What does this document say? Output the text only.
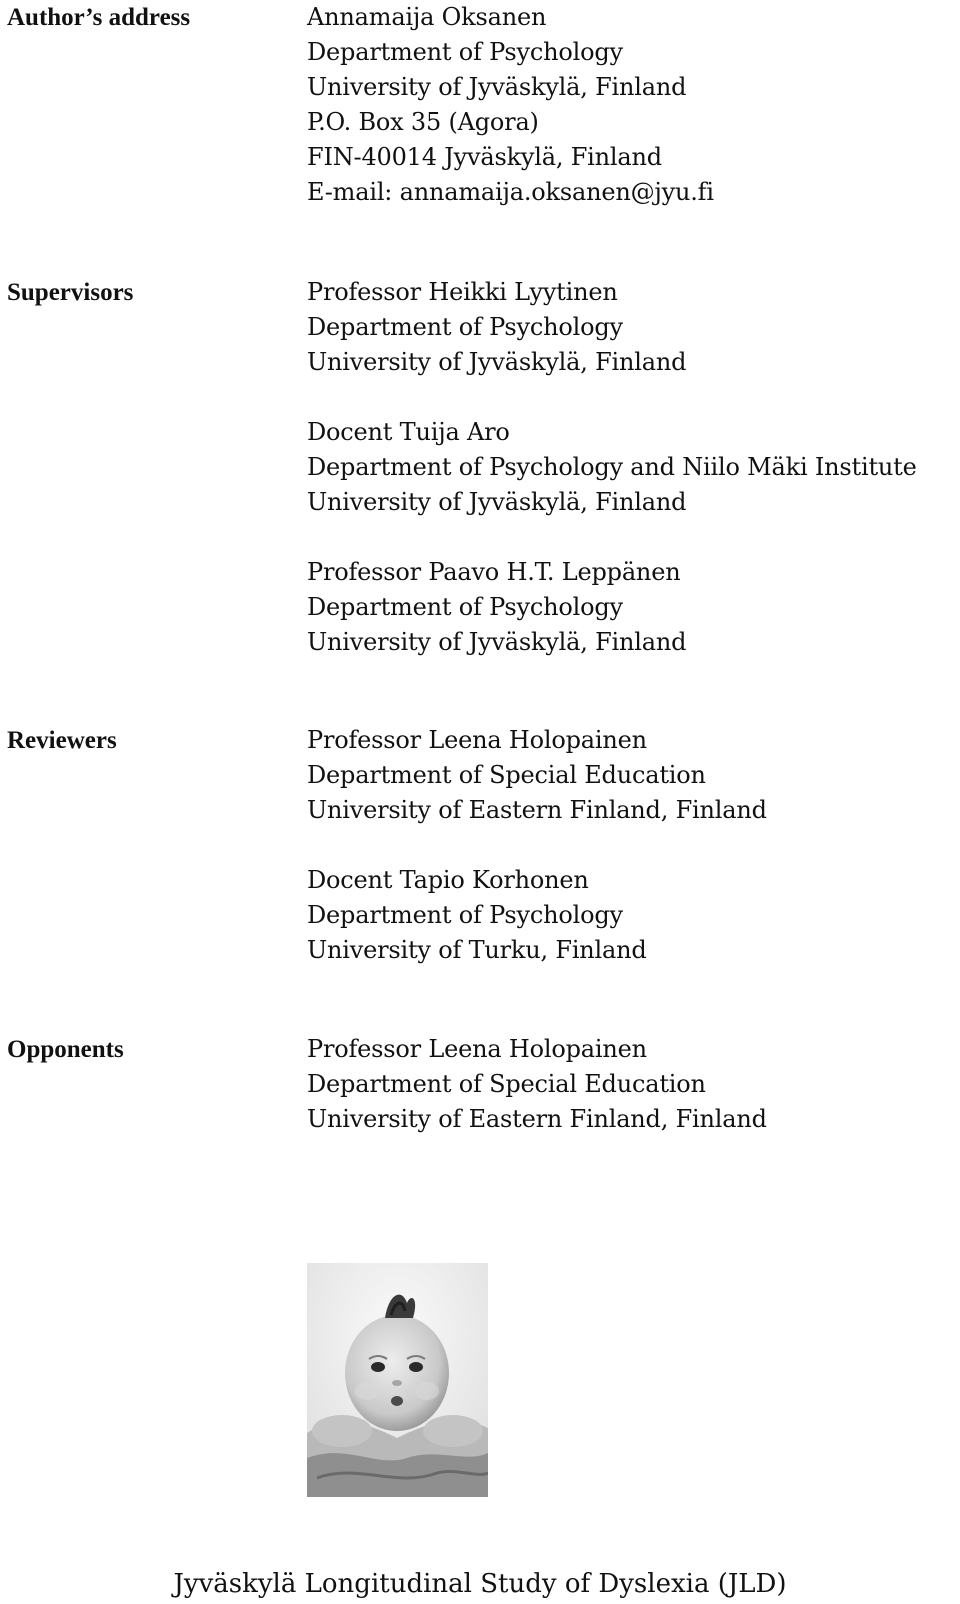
Author’s address	Annamaija Oksanen
Department of Psychology
University of Jyväskylä, Finland
P.O. Box 35 (Agora)
FIN-40014 Jyväskylä, Finland
E-mail: annamaija.oksanen@jyu.fi
Supervisors	Professor Heikki Lyytinen
Department of Psychology
University of Jyväskylä, Finland
Docent Tuija Aro
Department of Psychology and Niilo Mäki Institute
University of Jyväskylä, Finland
Professor Paavo H.T. Leppänen
Department of Psychology
University of Jyväskylä, Finland
Reviewers	Professor Leena Holopainen
Department of Special Education
University of Eastern Finland, Finland
Docent Tapio Korhonen
Department of Psychology
University of Turku, Finland
Opponents	Professor Leena Holopainen
Department of Special Education
University of Eastern Finland, Finland
Jyväskylä Longitudinal Study of Dyslexia (JLD)
